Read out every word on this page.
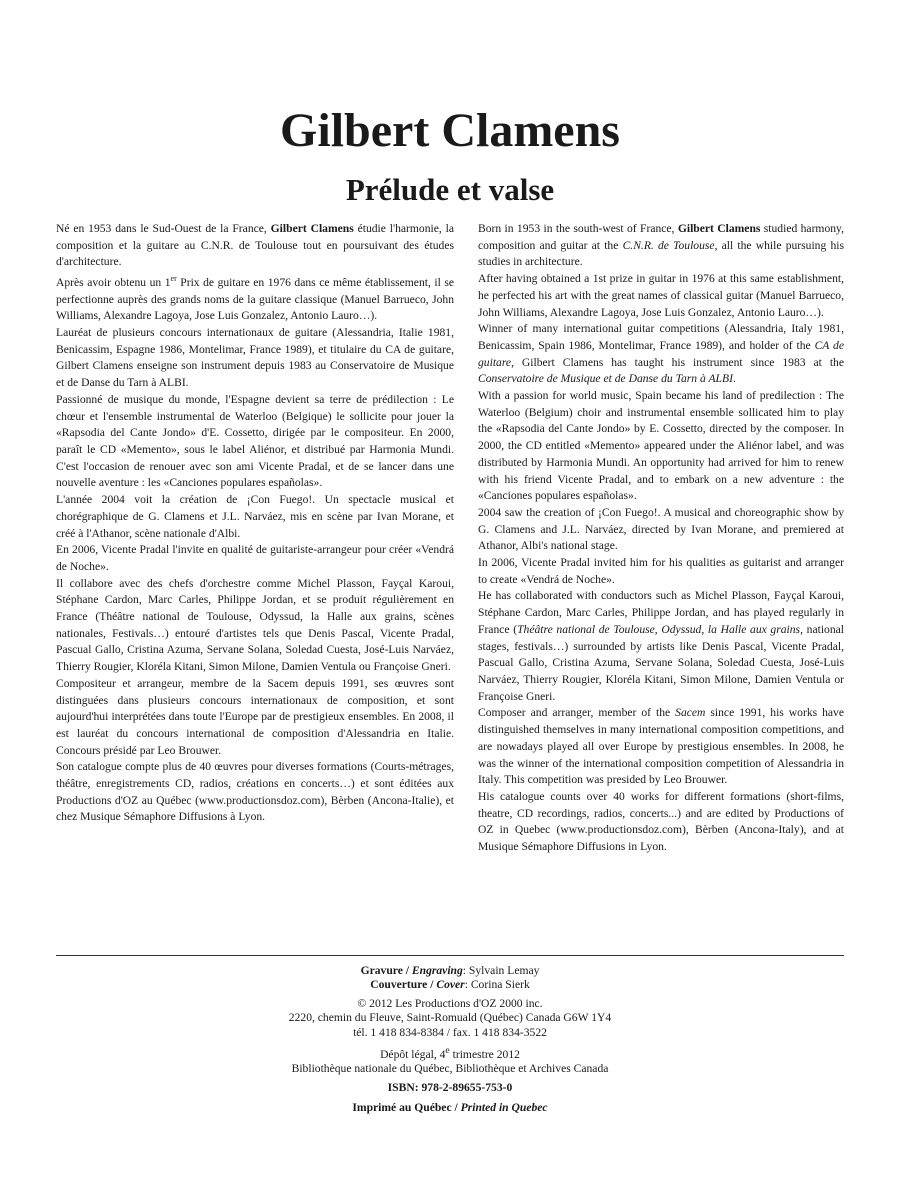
Gilbert Clamens
Prélude et valse

Né en 1953 dans le Sud-Ouest de la France, Gilbert Clamens étudie l'harmonie, la composition et la guitare au C.N.R. de Toulouse tout en poursuivant des études d'architecture.

Après avoir obtenu un 1er Prix de guitare en 1976 dans ce même établissement, il se perfectionne auprès des grands noms de la guitare classique (Manuel Barrueco, John Williams, Alexandre Lagoya, Jose Luis Gonzalez, Antonio Lauro…).

Lauréat de plusieurs concours internationaux de guitare (Alessandria, Italie 1981, Benicassim, Espagne 1986, Montelimar, France 1989), et titulaire du CA de guitare, Gilbert Clamens enseigne son instrument depuis 1983 au Conservatoire de Musique et de Danse du Tarn à ALBI.

Passionné de musique du monde, l'Espagne devient sa terre de prédilection : Le chœur et l'ensemble instrumental de Waterloo (Belgique) le sollicite pour jouer la «Rapsodia del Cante Jondo» d'E. Cossetto, dirigée par le compositeur. En 2000, paraît le CD «Memento», sous le label Aliénor, et distribué par Harmonia Mundi. C'est l'occasion de renouer avec son ami Vicente Pradal, et de se lancer dans une nouvelle aventure : les «Canciones populares españolas».

L'année 2004 voit la création de ¡Con Fuego!. Un spectacle musical et chorégraphique de G. Clamens et J.L. Narváez, mis en scène par Ivan Morane, et créé à l'Athanor, scène nationale d'Albi.

En 2006, Vicente Pradal l'invite en qualité de guitariste-arrangeur pour créer «Vendrá de Noche».

Il collabore avec des chefs d'orchestre comme Michel Plasson, Fayçal Karoui, Stéphane Cardon, Marc Carles, Philippe Jordan, et se produit régulièrement en France (Théâtre national de Toulouse, Odyssud, la Halle aux grains, scènes nationales, Festivals…) entouré d'artistes tels que Denis Pascal, Vicente Pradal, Pascual Gallo, Cristina Azuma, Servane Solana, Soledad Cuesta, José-Luis Narváez, Thierry Rougier, Kloréla Kitani, Simon Milone, Damien Ventula ou Françoise Gneri.

Compositeur et arrangeur, membre de la Sacem depuis 1991, ses œuvres sont distinguées dans plusieurs concours internationaux de composition, et sont aujourd'hui interprétées dans toute l'Europe par de prestigieux ensembles. En 2008, il est lauréat du concours international de composition d'Alessandria en Italie. Concours présidé par Leo Brouwer.

Son catalogue compte plus de 40 œuvres pour diverses formations (Courts-métrages, théâtre, enregistrements CD, radios, créations en concerts…) et sont éditées aux Productions d'OZ au Québec (www.productionsdoz.com), Bèrben (Ancona-Italie), et chez Musique Sémaphore Diffusions à Lyon.

Born in 1953 in the south-west of France, Gilbert Clamens studied harmony, composition and guitar at the C.N.R. de Toulouse, all the while pursuing his studies in architecture.

After having obtained a 1st prize in guitar in 1976 at this same establishment, he perfected his art with the great names of classical guitar (Manuel Barrueco, John Williams, Alexandre Lagoya, Jose Luis Gonzalez, Antonio Lauro…).

Winner of many international guitar competitions (Alessandria, Italy 1981, Benicassim, Spain 1986, Montelimar, France 1989), and holder of the CA de guitare, Gilbert Clamens has taught his instrument since 1983 at the Conservatoire de Musique et de Danse du Tarn à ALBI.

With a passion for world music, Spain became his land of predilection : The Waterloo (Belgium) choir and instrumental ensemble sollicated him to play the «Rapsodia del Cante Jondo» by E. Cossetto, directed by the composer. In 2000, the CD entitled «Memento» appeared under the Aliénor label, and was distributed by Harmonia Mundi. An opportunity had arrived for him to renew with his friend Vicente Pradal, and to embark on a new adventure : the «Canciones populares españolas».

2004 saw the creation of ¡Con Fuego!. A musical and choreographic show by G. Clamens and J.L. Narváez, directed by Ivan Morane, and premiered at Athanor, Albi's national stage.

In 2006, Vicente Pradal invited him for his qualities as guitarist and arranger to create «Vendrá de Noche».

He has collaborated with conductors such as Michel Plasson, Fayçal Karoui, Stéphane Cardon, Marc Carles, Philippe Jordan, and has played regularly in France (Théâtre national de Toulouse, Odyssud, la Halle aux grains, national stages, festivals…) surrounded by artists like Denis Pascal, Vicente Pradal, Pascual Gallo, Cristina Azuma, Servane Solana, Soledad Cuesta, José-Luis Narváez, Thierry Rougier, Kloréla Kitani, Simon Milone, Damien Ventula or Françoise Gneri.

Composer and arranger, member of the Sacem since 1991, his works have distinguished themselves in many international composition competitions, and are nowadays played all over Europe by prestigious ensembles. In 2008, he was the winner of the international composition competition of Alessandria in Italy. This competition was presided by Leo Brouwer.

His catalogue counts over 40 works for different formations (short-films, theatre, CD recordings, radios, concerts...) and are edited by Productions of OZ in Quebec (www.productionsdoz.com), Bèrben (Ancona-Italy), and at Musique Sémaphore Diffusions in Lyon.

Gravure / Engraving: Sylvain Lemay

Couverture / Cover: Corina Sierk

© 2012 Les Productions d'OZ 2000 inc.

2220, chemin du Fleuve, Saint-Romuald (Québec) Canada G6W 1Y4

tél. 1 418 834-8384 / fax. 1 418 834-3522

Dépôt légal, 4e trimestre 2012

Bibliothèque nationale du Québec, Bibliothèque et Archives Canada

ISBN: 978-2-89655-753-0

Imprimé au Québec / Printed in Quebec
